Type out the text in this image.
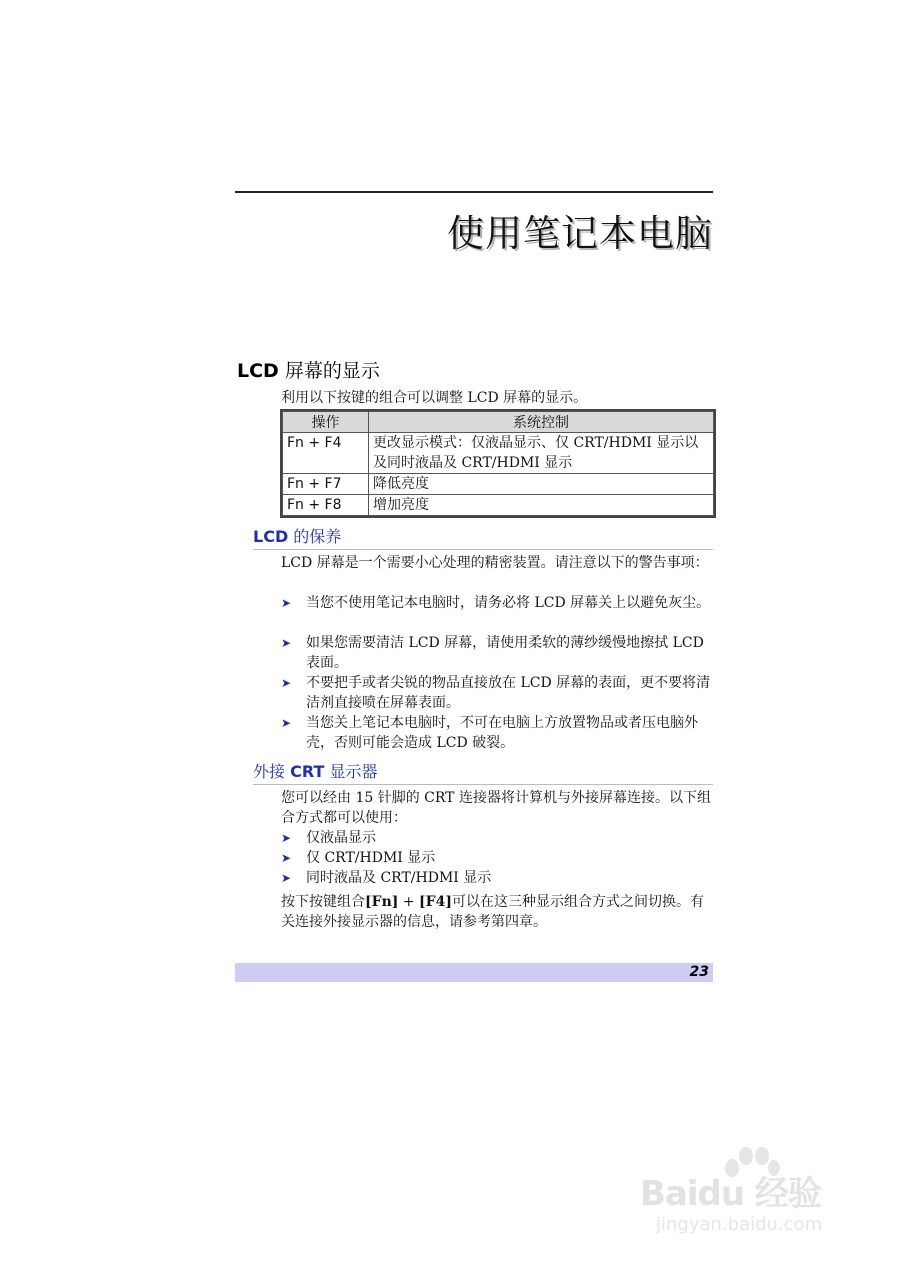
使用笔记本电脑
LCD 屏幕的显示
利用以下按键的组合可以调整 LCD 屏幕的显示。
操作	系统控制
Fn + F4	更改显示模式：仅液晶显示、仅 CRT/HDMI 显示以及同时液晶及 CRT/HDMI 显示
Fn + F7	降低亮度
Fn + F8	增加亮度
LCD 的保养
LCD 屏幕是一个需要小心处理的精密装置。请注意以下的警告事项：
➤ 当您不使用笔记本电脑时，请务必将 LCD 屏幕关上以避免灰尘。
➤ 如果您需要清洁 LCD 屏幕，请使用柔软的薄纱缓慢地擦拭 LCD 表面。
➤ 不要把手或者尖锐的物品直接放在 LCD 屏幕的表面，更不要将清洁剂直接喷在屏幕表面。
➤ 当您关上笔记本电脑时，不可在电脑上方放置物品或者压电脑外壳，否则可能会造成 LCD 破裂。
外接 CRT 显示器
您可以经由 15 针脚的 CRT 连接器将计算机与外接屏幕连接。以下组合方式都可以使用：
➤ 仅液晶显示
➤ 仅 CRT/HDMI 显示
➤ 同时液晶及 CRT/HDMI 显示
按下按键组合[Fn] + [F4]可以在这三种显示组合方式之间切换。有关连接外接显示器的信息，请参考第四章。
23
Baidu 经验
jingyan.baidu.com
